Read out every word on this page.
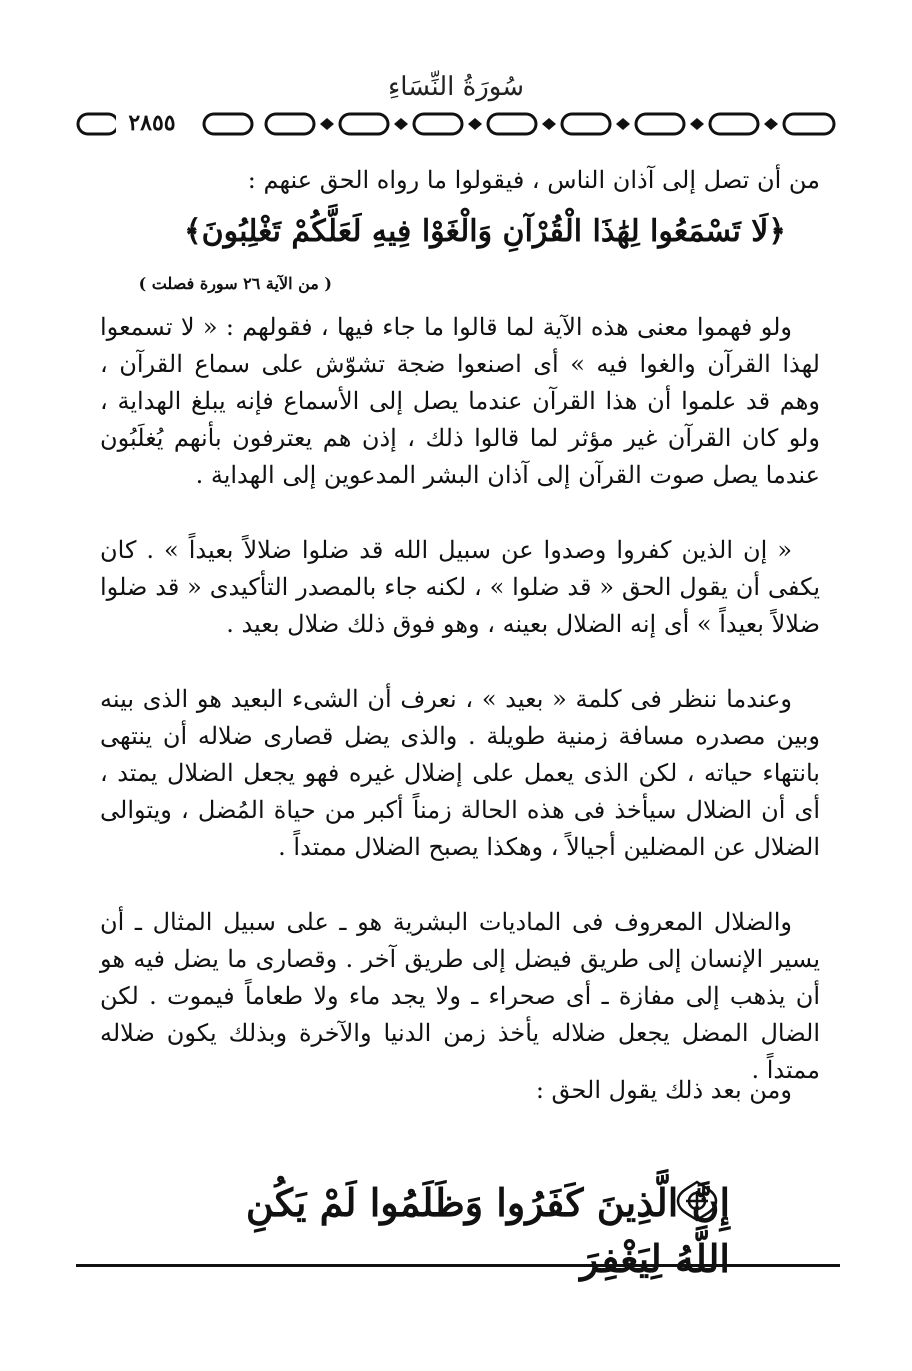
سُورَةُ النِّسَاءِ
٢٨٥٥

من أن تصل إلى آذان الناس ، فيقولوا ما رواه الحق عنهم :

﴿لَا تَسْمَعُوا لِهَٰذَا الْقُرْآنِ وَالْغَوْا فِيهِ لَعَلَّكُمْ تَغْلِبُونَ﴾
( من الآية ٢٦ سورة فصلت )

ولو فهموا معنى هذه الآية لما قالوا ما جاء فيها ، فقولهم : « لا تسمعوا لهذا القرآن والغوا فيه » أى اصنعوا ضجة تشوّش على سماع القرآن ، وهم قد علموا أن هذا القرآن عندما يصل إلى الأسماع فإنه يبلغ الهداية ، ولو كان القرآن غير مؤثر لما قالوا ذلك ، إذن هم يعترفون بأنهم يُغلَبُون عندما يصل صوت القرآن إلى آذان البشر المدعوين إلى الهداية .

« إن الذين كفروا وصدوا عن سبيل الله قد ضلوا ضلالاً بعيداً » . كان يكفى أن يقول الحق « قد ضلوا » ، لكنه جاء بالمصدر التأكيدى « قد ضلوا ضلالاً بعيداً » أى إنه الضلال بعينه ، وهو فوق ذلك ضلال بعيد .

وعندما ننظر فى كلمة « بعيد » ، نعرف أن الشىء البعيد هو الذى بينه وبين مصدره مسافة زمنية طويلة . والذى يضل قصارى ضلاله أن ينتهى بانتهاء حياته ، لكن الذى يعمل على إضلال غيره فهو يجعل الضلال يمتد ، أى أن الضلال سيأخذ فى هذه الحالة زمناً أكبر من حياة المُضل ، ويتوالى الضلال عن المضلين أجيالاً ، وهكذا يصبح الضلال ممتداً .

والضلال المعروف فى الماديات البشرية هو ـ على سبيل المثال ـ أن يسير الإنسان إلى طريق فيضل إلى طريق آخر . وقصارى ما يضل فيه هو أن يذهب إلى مفازة ـ أى صحراء ـ ولا يجد ماء ولا طعاماً فيموت . لكن الضال المضل يجعل ضلاله يأخذ زمن الدنيا والآخرة وبذلك يكون ضلاله ممتداً .

ومن بعد ذلك يقول الحق :

إِنَّ الَّذِينَ كَفَرُوا وَظَلَمُوا لَمْ يَكُنِ اللَّهُ لِيَغْفِرَ
